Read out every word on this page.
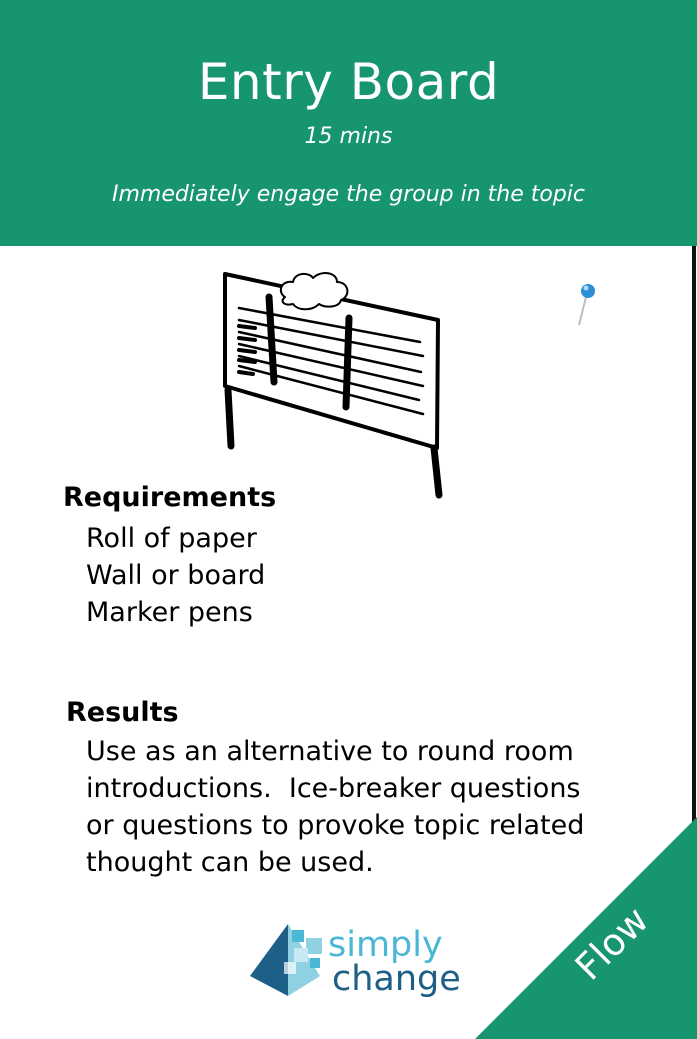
Entry Board
15 mins
Immediately engage the group in the topic
Requirements
Roll of paper
Wall or board
Marker pens
Results
Use as an alternative to round room
introductions.  Ice-breaker questions
or questions to provoke topic related
thought can be used.
simply
change	Flow
